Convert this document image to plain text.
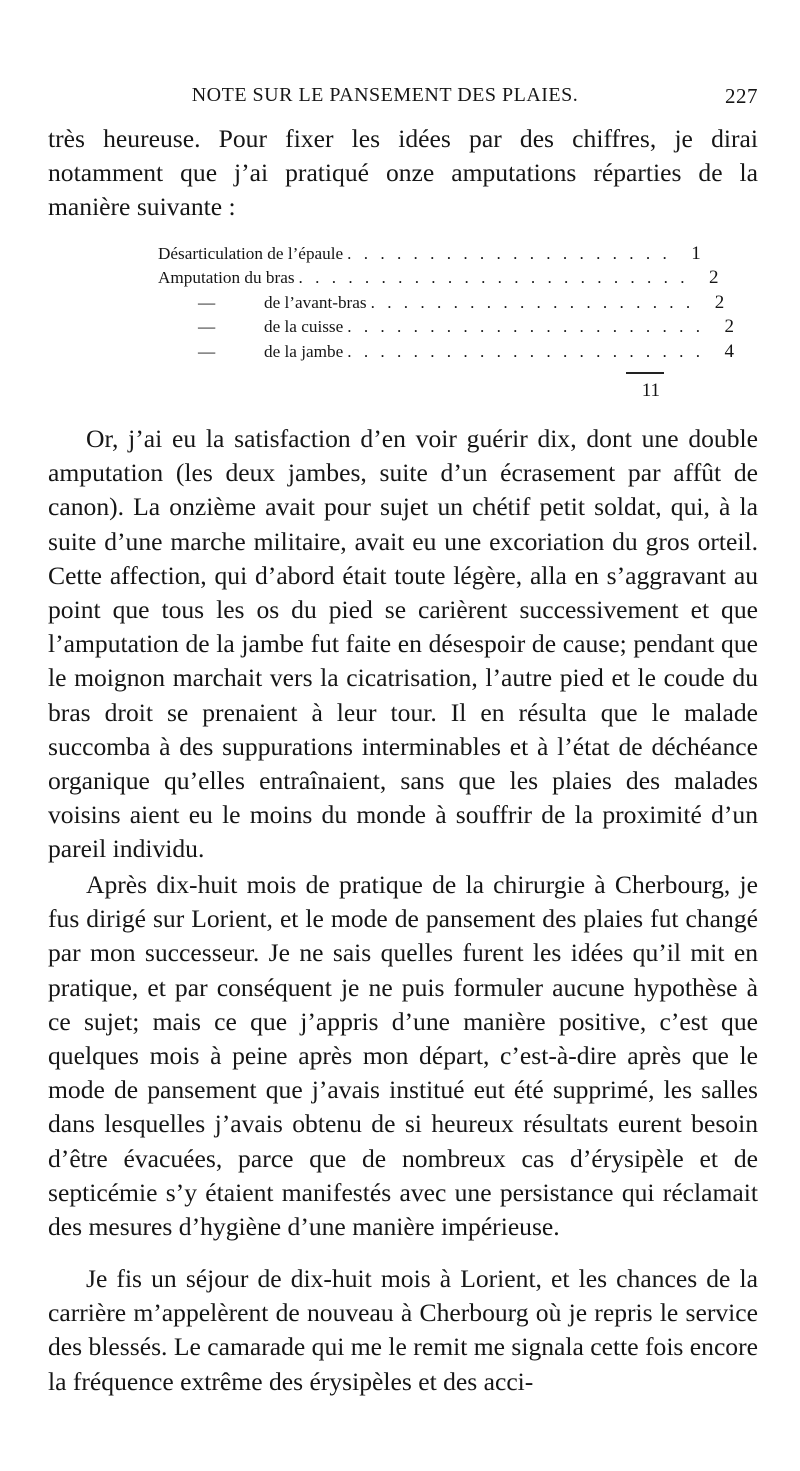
NOTE SUR LE PANSEMENT DES PLAIES.	227

très heureuse. Pour fixer les idées par des chiffres, je dirai notamment que j’ai pratiqué onze amputations réparties de la manière suivante :

Désarticulation de l’épaule . . . . . . . . . . . . . . . . . . . .	1
Amputation du bras . . . . . . . . . . . . . . . . . . . . . . . .	2
—	de l’avant-bras . . . . . . . . . . . . . . . . . . . .	2
—	de la cuisse . . . . . . . . . . . . . . . . . . . . . .	2
—	de la jambe . . . . . . . . . . . . . . . . . . . . . .	4
11

Or, j’ai eu la satisfaction d’en voir guérir dix, dont une double amputation (les deux jambes, suite d’un écrasement par affût de canon). La onzième avait pour sujet un chétif petit soldat, qui, à la suite d’une marche militaire, avait eu une excoriation du gros orteil. Cette affection, qui d’abord était toute légère, alla en s’aggravant au point que tous les os du pied se carièrent successivement et que l’amputation de la jambe fut faite en désespoir de cause; pendant que le moignon marchait vers la cicatrisation, l’autre pied et le coude du bras droit se prenaient à leur tour. Il en résulta que le malade succomba à des suppurations interminables et à l’état de déchéance organique qu’elles entraînaient, sans que les plaies des malades voisins aient eu le moins du monde à souffrir de la proximité d’un pareil individu.

Après dix-huit mois de pratique de la chirurgie à Cherbourg, je fus dirigé sur Lorient, et le mode de pansement des plaies fut changé par mon successeur. Je ne sais quelles furent les idées qu’il mit en pratique, et par conséquent je ne puis formuler aucune hypothèse à ce sujet; mais ce que j’appris d’une manière positive, c’est que quelques mois à peine après mon départ, c’est-à-dire après que le mode de pansement que j’avais institué eut été supprimé, les salles dans lesquelles j’avais obtenu de si heureux résultats eurent besoin d’être évacuées, parce que de nombreux cas d’érysipèle et de septicémie s’y étaient manifestés avec une persistance qui réclamait des mesures d’hygiène d’une manière impérieuse.

Je fis un séjour de dix-huit mois à Lorient, et les chances de la carrière m’appelèrent de nouveau à Cherbourg où je repris le service des blessés. Le camarade qui me le remit me signala cette fois encore la fréquence extrême des érysipèles et des acci-
